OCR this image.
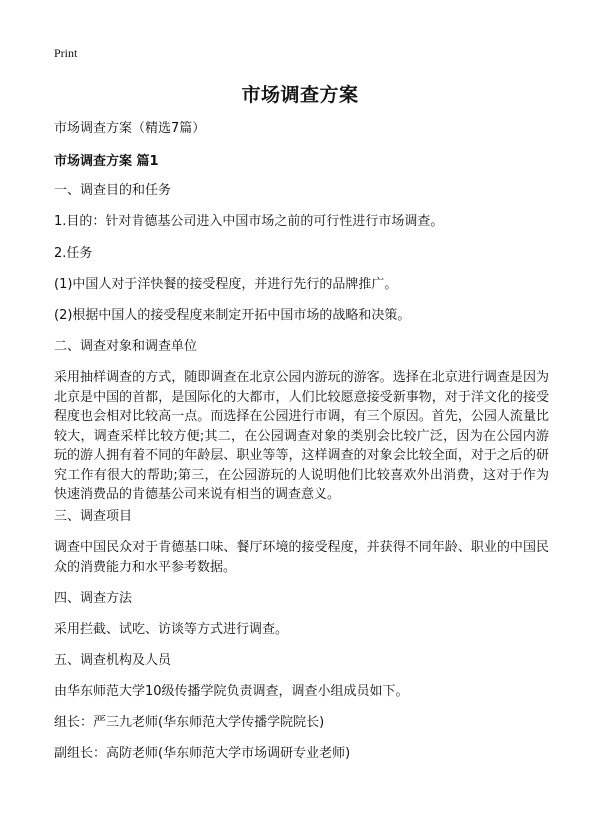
Print
市场调查方案
市场调查方案（精选7篇）
市场调查方案 篇1
一、调查目的和任务
1.目的：针对肯德基公司进入中国市场之前的可行性进行市场调查。
2.任务
(1)中国人对于洋快餐的接受程度，并进行先行的品牌推广。
(2)根据中国人的接受程度来制定开拓中国市场的战略和决策。
二、调查对象和调查单位
采用抽样调查的方式，随即调查在北京公园内游玩的游客。选择在北京进行调查是因为北京是中国的首都，是国际化的大都市，人们比较愿意接受新事物，对于洋文化的接受程度也会相对比较高一点。而选择在公园进行市调，有三个原因。首先，公园人流量比较大，调查采样比较方便;其二，在公园调查对象的类别会比较广泛，因为在公园内游玩的游人拥有着不同的年龄层、职业等等，这样调查的对象会比较全面，对于之后的研究工作有很大的帮助;第三，在公园游玩的人说明他们比较喜欢外出消费，这对于作为快速消费品的肯德基公司来说有相当的调查意义。
三、调查项目
调查中国民众对于肯德基口味、餐厅环境的接受程度，并获得不同年龄、职业的中国民众的消费能力和水平参考数据。
四、调查方法
采用拦截、试吃、访谈等方式进行调查。
五、调查机构及人员
由华东师范大学10级传播学院负责调查，调查小组成员如下。
组长：严三九老师(华东师范大学传播学院院长)
副组长：高防老师(华东师范大学市场调研专业老师)
